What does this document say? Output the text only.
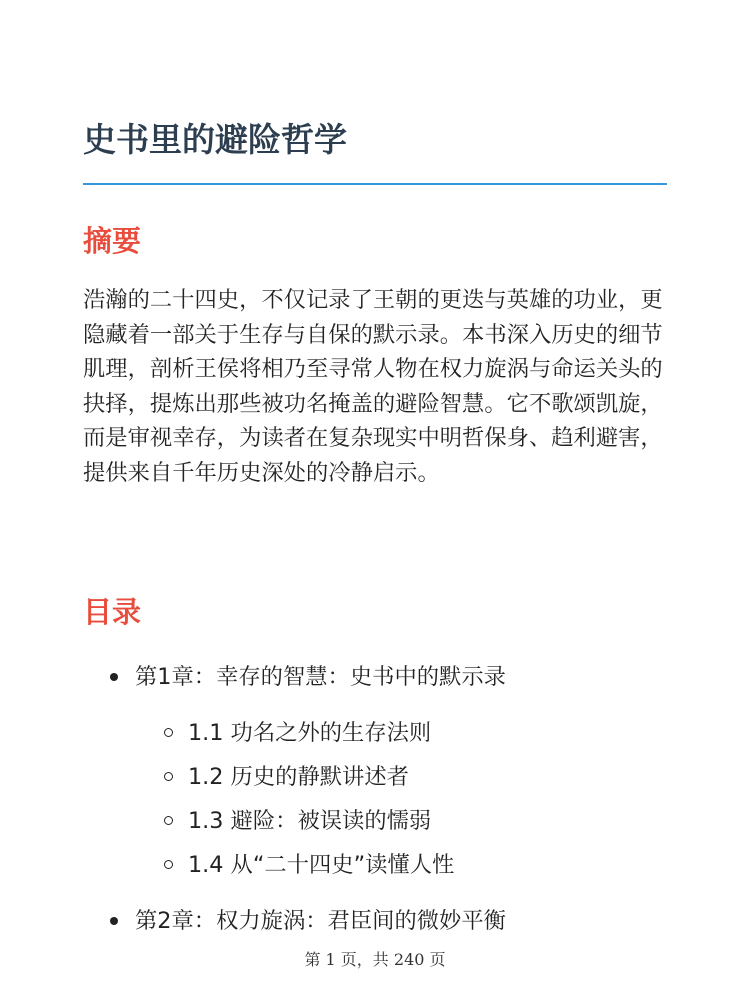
史书里的避险哲学
摘要

浩瀚的二十四史，不仅记录了王朝的更迭与英雄的功业，更隐藏着一部关于生存与自保的默示录。本书深入历史的细节肌理，剖析王侯将相乃至寻常人物在权力旋涡与命运关头的抉择，提炼出那些被功名掩盖的避险智慧。它不歌颂凯旋，而是审视幸存，为读者在复杂现实中明哲保身、趋利避害，提供来自千年历史深处的冷静启示。

目录
第1章：幸存的智慧：史书中的默示录
1.1 功名之外的生存法则
1.2 历史的静默讲述者
1.3 避险：被误读的懦弱
1.4 从“二十四史”读懂人性
第2章：权力旋涡：君臣间的微妙平衡
第 1 页，共 240 页
